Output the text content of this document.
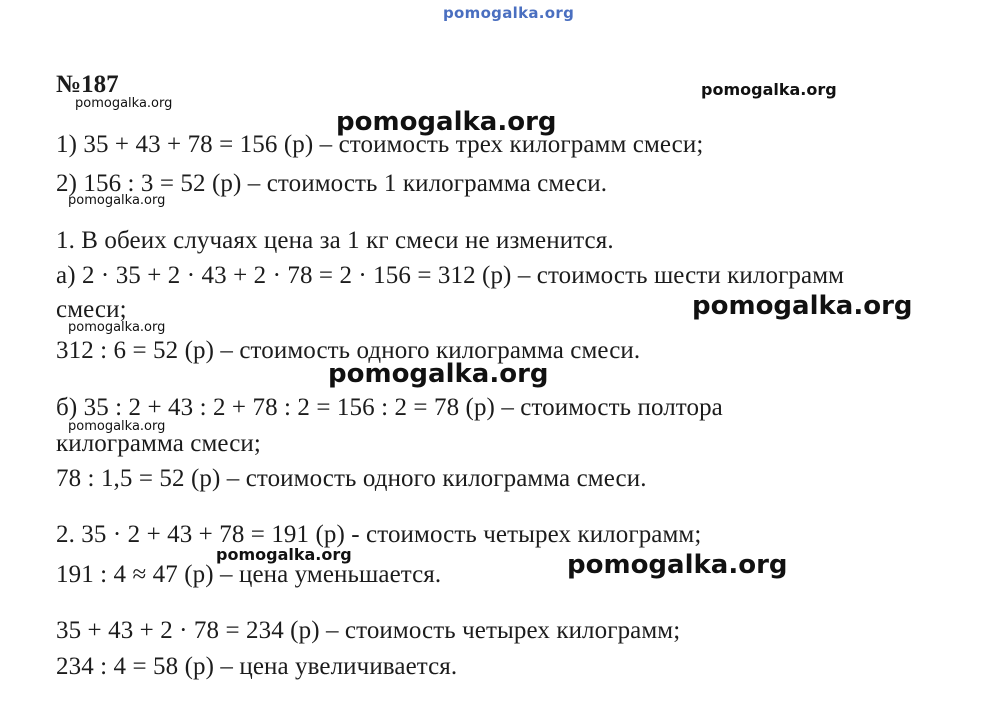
pomogalka.org
№187
pomogalka.org
pomogalka.org
1) 35 + 43 + 78 = 156 (р) – стоимость трех килограмм смеси;
pomogalka.org
2) 156 : 3 = 52 (р) – стоимость 1 килограмма смеси.
pomogalka.org
1. В обеих случаях цена за 1 кг смеси не изменится.
а) 2 · 35 + 2 · 43 + 2 · 78 = 2 · 156 = 312 (р) – стоимость шести килограмм
смеси;	pomogalka.org
pomogalka.org
312 : 6 = 52 (р) – стоимость одного килограмма смеси.
pomogalka.org
б) 35 : 2 + 43 : 2 + 78 : 2 = 156 : 2 = 78 (р) – стоимость полтора
pomogalka.org
килограмма смеси;
78 : 1,5 = 52 (р) – стоимость одного килограмма смеси.
2. 35 · 2 + 43 + 78 = 191 (р) - стоимость четырех килограмм;
pomogalka.org
191 : 4 ≈ 47 (р) – цена уменьшается.	pomogalka.org
35 + 43 + 2 · 78 = 234 (р) – стоимость четырех килограмм;
234 : 4 = 58 (р) – цена увеличивается.
